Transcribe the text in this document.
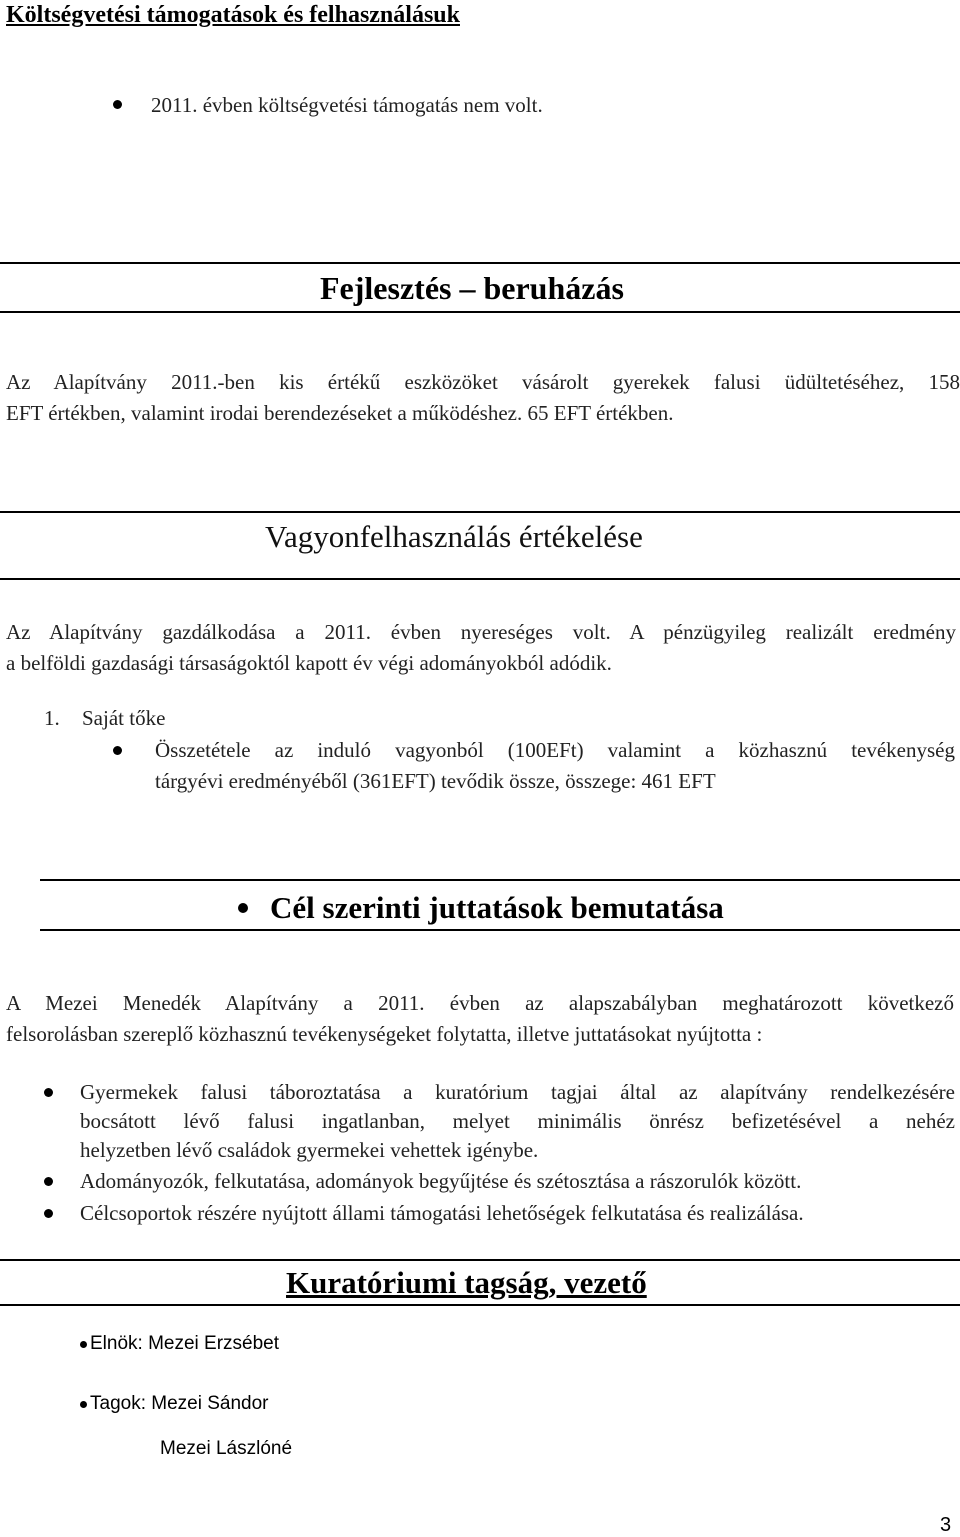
Költségvetési támogatások és felhasználásuk
2011. évben költségvetési támogatás nem volt.
Fejlesztés – beruházás
Az Alapítvány 2011.-ben kis értékű eszközöket vásárolt gyerekek falusi üdültetéséhez, 158
EFT értékben, valamint irodai berendezéseket a működéshez. 65 EFT értékben.
Vagyonfelhasználás értékelése
Az Alapítvány gazdálkodása a 2011. évben nyereséges volt. A pénzügyileg realizált eredmény
a belföldi gazdasági társaságoktól kapott év végi adományokból adódik.
1. Saját tőke
Összetétele az induló vagyonból (100EFt) valamint a közhasznú tevékenység
tárgyévi eredményéből (361EFT) tevődik össze, összege: 461 EFT
Cél szerinti juttatások bemutatása
A Mezei Menedék Alapítvány a 2011. évben az alapszabályban meghatározott következő
felsorolásban szereplő közhasznú tevékenységeket folytatta, illetve juttatásokat nyújtotta :
Gyermekek falusi táboroztatása a kuratórium tagjai által az alapítvány rendelkezésére
bocsátott lévő falusi ingatlanban, melyet minimális önrész befizetésével a nehéz
helyzetben lévő családok gyermekei vehettek igénybe.
Adományozók, felkutatása, adományok begyűjtése és szétosztása a rászorulók között.
Célcsoportok részére nyújtott állami támogatási lehetőségek felkutatása és realizálása.
Kuratóriumi tagság, vezető
Elnök: Mezei Erzsébet
Tagok: Mezei Sándor
Mezei Lászlóné
3
